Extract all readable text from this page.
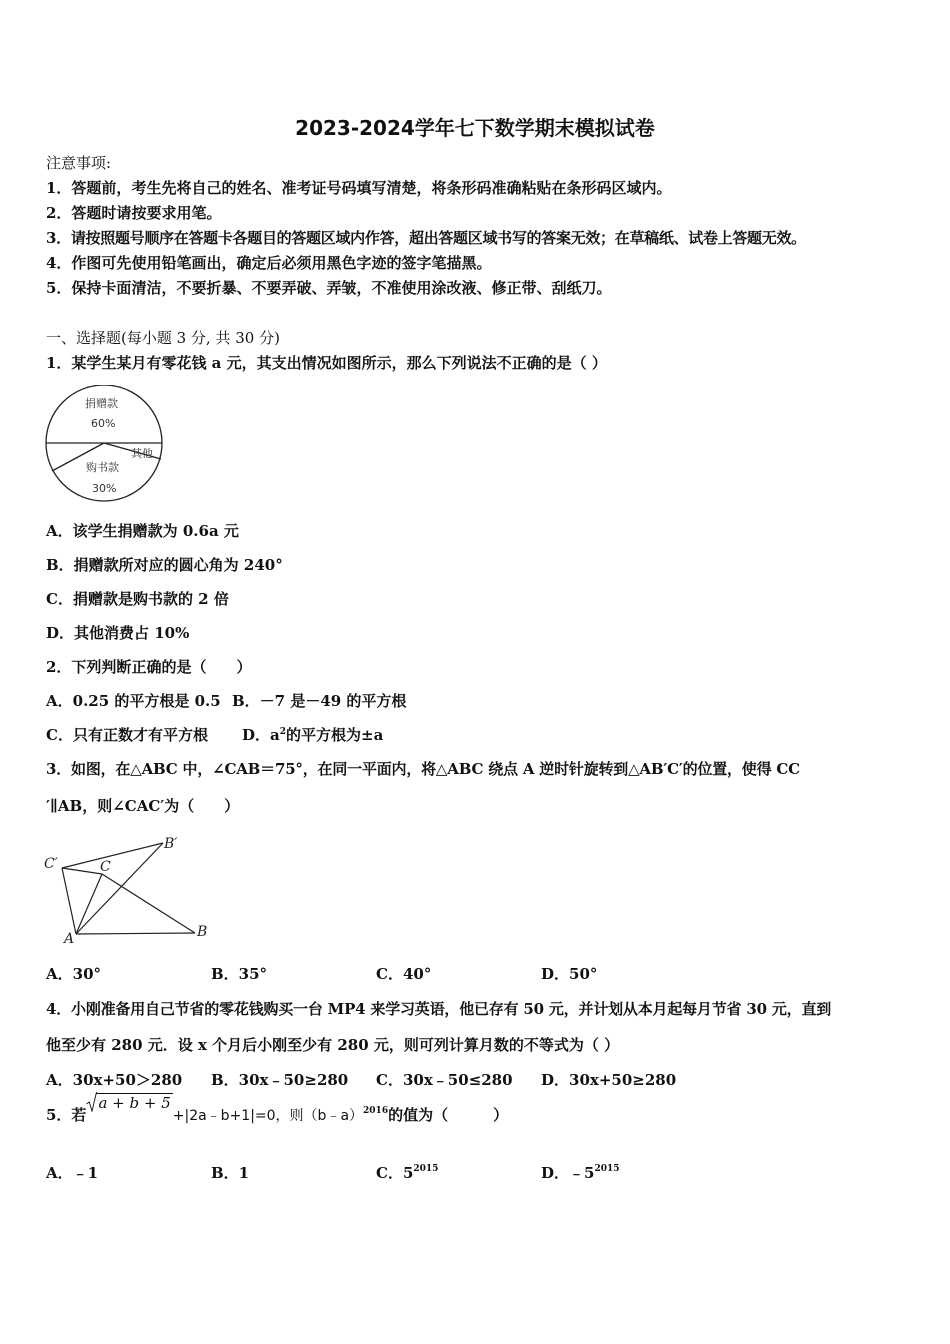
2023-2024学年七下数学期末模拟试卷
注意事项:
1．答题前，考生先将自己的姓名、准考证号码填写清楚，将条形码准确粘贴在条形码区域内。
2．答题时请按要求用笔。
3．请按照题号顺序在答题卡各题目的答题区域内作答，超出答题区域书写的答案无效；在草稿纸、试卷上答题无效。
4．作图可先使用铅笔画出，确定后必须用黑色字迹的签字笔描黑。
5．保持卡面清洁，不要折暴、不要弄破、弄皱，不准使用涂改液、修正带、刮纸刀。
一、选择题(每小题 3 分, 共 30 分)
1．某学生某月有零花钱 a 元，其支出情况如图所示，那么下列说法不正确的是（ ）
捐赠款
60%
购书款
30%
其他
A．该学生捐赠款为 0.6a 元
B．捐赠款所对应的圆心角为 240°
C．捐赠款是购书款的 2 倍
D．其他消费占 10%
2．下列判断正确的是（　　）
A．0.25 的平方根是 0.5 B．－7 是－49 的平方根
C．只有正数才有平方根 D．$a^2$的平方根为±a
3．如图，在△ABC 中，∠CAB＝75°，在同一平面内，将△ABC 绕点 A 逆时针旋转到△AB′C′的位置，使得 CC
′∥AB，则∠CAC′为（　　）
C′	C
B′
A	B
A．30°	B．35°	C．40°	D．50°
4．小刚准备用自己节省的零花钱购买一台 MP4 来学习英语，他已存有 50 元，并计划从本月起每月节省 30 元，直到
他至少有 280 元．设 x 个月后小刚至少有 280 元，则可列计算月数的不等式为（ ）
A．30x+50＞280 B．30x﹣50≥280 C．30x﹣50≤280 D．30x+50≥280
5．若
a + b + 5+|2a﹣b+1|=0，则（b﹣a）$^{2016}$的值为（　　　）
A．﹣1	B．1	C．$5^{2015}$	D．$﹣5^{2015}$
